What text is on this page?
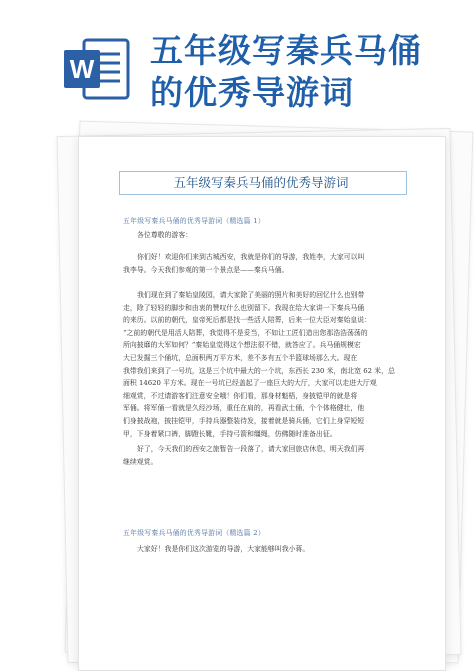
W 五年级写秦兵马俑
的优秀导游词
五年级写秦兵马俑的优秀导游词
五年级写秦兵马俑的优秀导游词（精选篇 1）
各位尊敬的游客：
你们好！欢迎你们来到古城西安，我就是你们的导游，我姓李，大家可以叫
我李导。今天我们参观的第一个景点是——秦兵马俑。
我们现在到了秦始皇陵园，请大家除了美丽的照片和美好的回忆什么也别带
走，除了轻轻的脚步和由衷的赞叹什么也别留下。我现在给大家讲一下秦兵马俑
的来历。以前的朝代，皇帝死后都是找一些活人陪葬，后来一位大臣对秦始皇说：
“之前的朝代是用活人陪葬，我觉得不是妥当，不如让工匠们造出您那浩浩荡荡的
所向披靡的大军如何？”秦始皇觉得这个想法很不错，就答应了。兵马俑规模宏
大已发掘三个俑坑，总面积两万平方米，差不多有五个半篮球场那么大。现在
我带我们来到了一号坑，这是三个坑中最大的一个坑，东西长 230 米，南北宽 62 米，总
面积 14620 平方米。现在一号坑已经盖起了一座巨大的大厅，大家可以走进大厅观
细观赏，不过请游客们注意安全哦！你们看，那身材魁梧，身披铠甲的就是将
军俑。将军俑一看就是久经沙场，重任在肩的，再看武士俑，个个体格健壮，他
们身披战袍，披挂铠甲，手持兵器整装待发，接着就是骑兵俑，它们上身穿短短
甲，下身着紧口裤，脚蹬长靴，手持弓箭和缰绳，仿佛随时准备出征。
好了，今天我们的西安之旅暂告一段落了，请大家回旅店休息，明天我们再
继续观赏。
五年级写秦兵马俑的优秀导游词（精选篇 2）
大家好！我是你们这次游览的导游，大家能够叫我小蒋。
